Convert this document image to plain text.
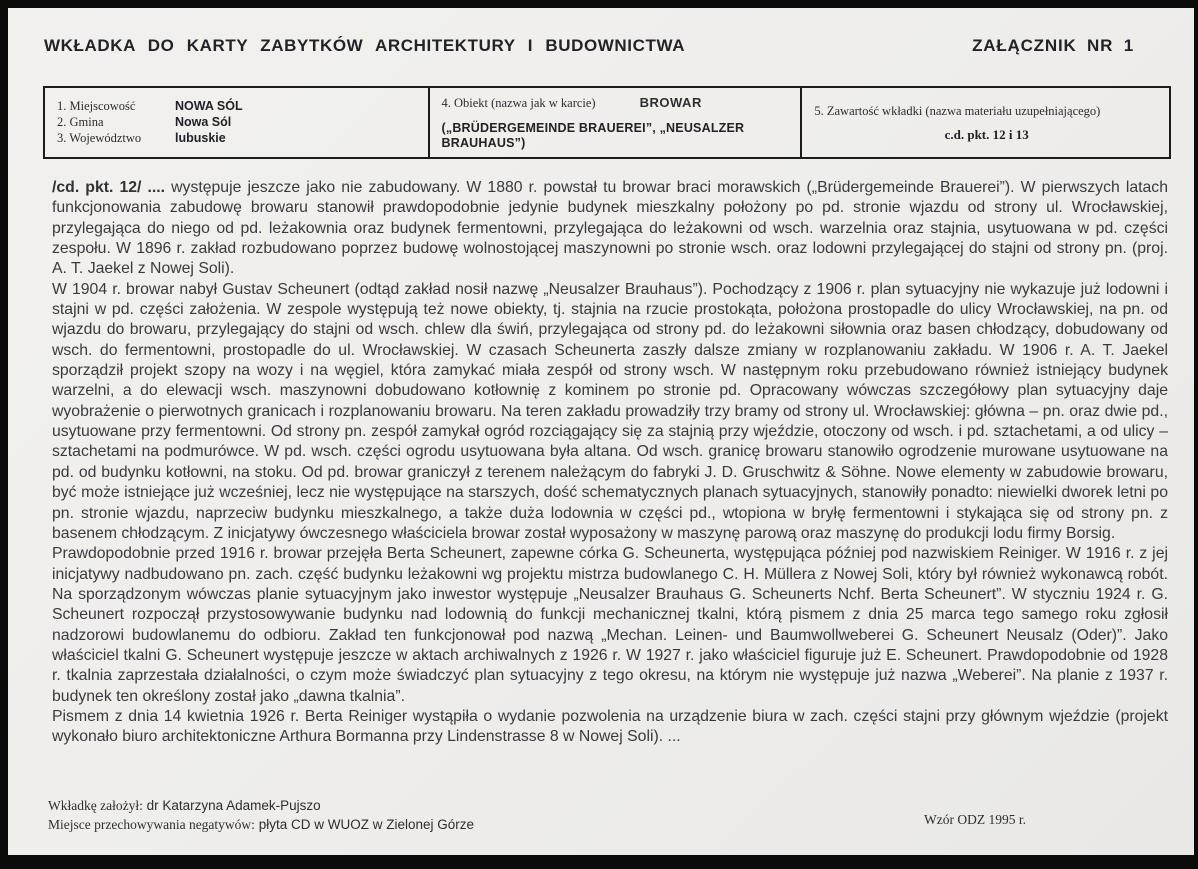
WKŁADKA DO KARTY ZABYTKÓW ARCHITEKTURY I BUDOWNICTWA	ZAŁĄCZNIK NR 1
1. Miejscowość	NOWA SÓL
2. Gmina	Nowa Sól
3. Województwo	lubuskie

4. Obiekt (nazwa jak w karcie)	BROWAR
(„BRÜDERGEMEINDE BRAUEREI”, „NEUSALZER BRAUHAUS”)

5. Zawartość wkładki (nazwa materiału uzupełniającego)
c.d. pkt. 12 i 13

/cd. pkt. 12/ .... występuje jeszcze jako nie zabudowany. W 1880 r. powstał tu browar braci morawskich („Brüdergemeinde Brauerei”). W pierwszych latach funkcjonowania zabudowę browaru stanowił prawdopodobnie jedynie budynek mieszkalny położony po pd. stronie wjazdu od strony ul. Wrocławskiej, przylegająca do niego od pd. leżakownia oraz budynek fermentowni, przylegająca do leżakowni od wsch. warzelnia oraz stajnia, usytuowana w pd. części zespołu. W 1896 r. zakład rozbudowano poprzez budowę wolnostojącej maszynowni po stronie wsch. oraz lodowni przylegającej do stajni od strony pn. (proj. A. T. Jaekel z Nowej Soli).

W 1904 r. browar nabył Gustav Scheunert (odtąd zakład nosił nazwę „Neusalzer Brauhaus”). Pochodzący z 1906 r. plan sytuacyjny nie wykazuje już lodowni i stajni w pd. części założenia. W zespole występują też nowe obiekty, tj. stajnia na rzucie prostokąta, położona prostopadle do ulicy Wrocławskiej, na pn. od wjazdu do browaru, przylegający do stajni od wsch. chlew dla świń, przylegająca od strony pd. do leżakowni siłownia oraz basen chłodzący, dobudowany od wsch. do fermentowni, prostopadle do ul. Wrocławskiej. W czasach Scheunerta zaszły dalsze zmiany w rozplanowaniu zakładu. W 1906 r. A. T. Jaekel sporządził projekt szopy na wozy i na węgiel, która zamykać miała zespół od strony wsch. W następnym roku przebudowano również istniejący budynek warzelni, a do elewacji wsch. maszynowni dobudowano kotłownię z kominem po stronie pd. Opracowany wówczas szczegółowy plan sytuacyjny daje wyobrażenie o pierwotnych granicach i rozplanowaniu browaru. Na teren zakładu prowadziły trzy bramy od strony ul. Wrocławskiej: główna – pn. oraz dwie pd., usytuowane przy fermentowni. Od strony pn. zespół zamykał ogród rozciągający się za stajnią przy wjeździe, otoczony od wsch. i pd. sztachetami, a od ulicy – sztachetami na podmurówce. W pd. wsch. części ogrodu usytuowana była altana. Od wsch. granicę browaru stanowiło ogrodzenie murowane usytuowane na pd. od budynku kotłowni, na stoku. Od pd. browar graniczył z terenem należącym do fabryki J. D. Gruschwitz & Söhne. Nowe elementy w zabudowie browaru, być może istniejące już wcześniej, lecz nie występujące na starszych, dość schematycznych planach sytuacyjnych, stanowiły ponadto: niewielki dworek letni po pn. stronie wjazdu, naprzeciw budynku mieszkalnego, a także duża lodownia w części pd., wtopiona w bryłę fermentowni i stykająca się od strony pn. z basenem chłodzącym. Z inicjatywy ówczesnego właściciela browar został wyposażony w maszynę parową oraz maszynę do produkcji lodu firmy Borsig.

Prawdopodobnie przed 1916 r. browar przejęła Berta Scheunert, zapewne córka G. Scheunerta, występująca później pod nazwiskiem Reiniger. W 1916 r. z jej inicjatywy nadbudowano pn. zach. część budynku leżakowni wg projektu mistrza budowlanego C. H. Müllera z Nowej Soli, który był również wykonawcą robót. Na sporządzonym wówczas planie sytuacyjnym jako inwestor występuje „Neusalzer Brauhaus G. Scheunerts Nchf. Berta Scheunert”. W styczniu 1924 r. G. Scheunert rozpoczął przystosowywanie budynku nad lodownią do funkcji mechanicznej tkalni, którą pismem z dnia 25 marca tego samego roku zgłosił nadzorowi budowlanemu do odbioru. Zakład ten funkcjonował pod nazwą „Mechan. Leinen- und Baumwollweberei G. Scheunert Neusalz (Oder)”. Jako właściciel tkalni G. Scheunert występuje jeszcze w aktach archiwalnych z 1926 r. W 1927 r. jako właściciel figuruje już E. Scheunert. Prawdopodobnie od 1928 r. tkalnia zaprzestała działalności, o czym może świadczyć plan sytuacyjny z tego okresu, na którym nie występuje już nazwa „Weberei”. Na planie z 1937 r. budynek ten określony został jako „dawna tkalnia”.

Pismem z dnia 14 kwietnia 1926 r. Berta Reiniger wystąpiła o wydanie pozwolenia na urządzenie biura w zach. części stajni przy głównym wjeździe (projekt wykonało biuro architektoniczne Arthura Bormanna przy Lindenstrasse 8 w Nowej Soli). ...

Wkładkę założył: dr Katarzyna Adamek-Pujszo
Miejsce przechowywania negatywów: płyta CD w WUOZ w Zielonej Górze	Wzór ODZ 1995 r.
